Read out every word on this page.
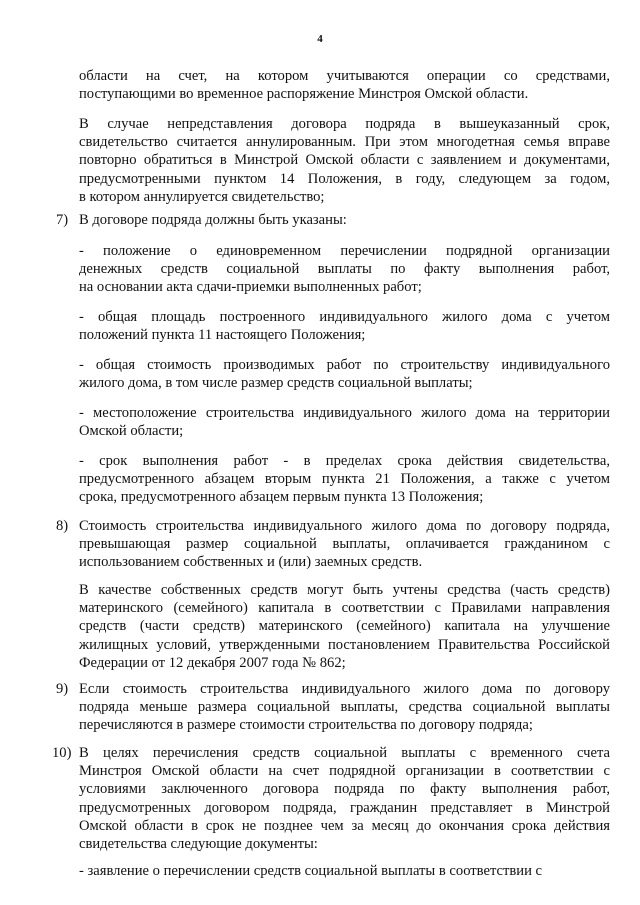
4
области на счет, на котором учитываются операции со средствами,
поступающими во временное распоряжение Минстроя Омской области.
В случае непредставления договора подряда в вышеуказанный срок,
свидетельство считается аннулированным. При этом многодетная семья вправе
повторно обратиться в Минстрой Омской области с заявлением и документами,
предусмотренными пунктом 14 Положения, в году, следующем за годом,
в котором аннулируется свидетельство;
7) В договоре подряда должны быть указаны:
- положение о единовременном перечислении подрядной организации
денежных средств социальной выплаты по факту выполнения работ,
на основании акта сдачи-приемки выполненных работ;
- общая площадь построенного индивидуального жилого дома с учетом
положений пункта 11 настоящего Положения;
- общая стоимость производимых работ по строительству индивидуального
жилого дома, в том числе размер средств социальной выплаты;
- местоположение строительства индивидуального жилого дома на территории
Омской области;
- срок выполнения работ - в пределах срока действия свидетельства,
предусмотренного абзацем вторым пункта 21 Положения, а также с учетом
срока, предусмотренного абзацем первым пункта 13 Положения;
8) Стоимость строительства индивидуального жилого дома по договору подряда,
превышающая размер социальной выплаты, оплачивается гражданином с
использованием собственных и (или) заемных средств.
В качестве собственных средств могут быть учтены средства (часть средств)
материнского (семейного) капитала в соответствии с Правилами направления
средств (части средств) материнского (семейного) капитала на улучшение
жилищных условий, утвержденными постановлением Правительства Российской
Федерации от 12 декабря 2007 года № 862;
9) Если стоимость строительства индивидуального жилого дома по договору
подряда меньше размера социальной выплаты, средства социальной выплаты
перечисляются в размере стоимости строительства по договору подряда;
10) В целях перечисления средств социальной выплаты с временного счета
Минстроя Омской области на счет подрядной организации в соответствии с
условиями заключенного договора подряда по факту выполнения работ,
предусмотренных договором подряда, гражданин представляет в Минстрой
Омской области в срок не позднее чем за месяц до окончания срока действия
свидетельства следующие документы:
- заявление о перечислении средств социальной выплаты в соответствии с
